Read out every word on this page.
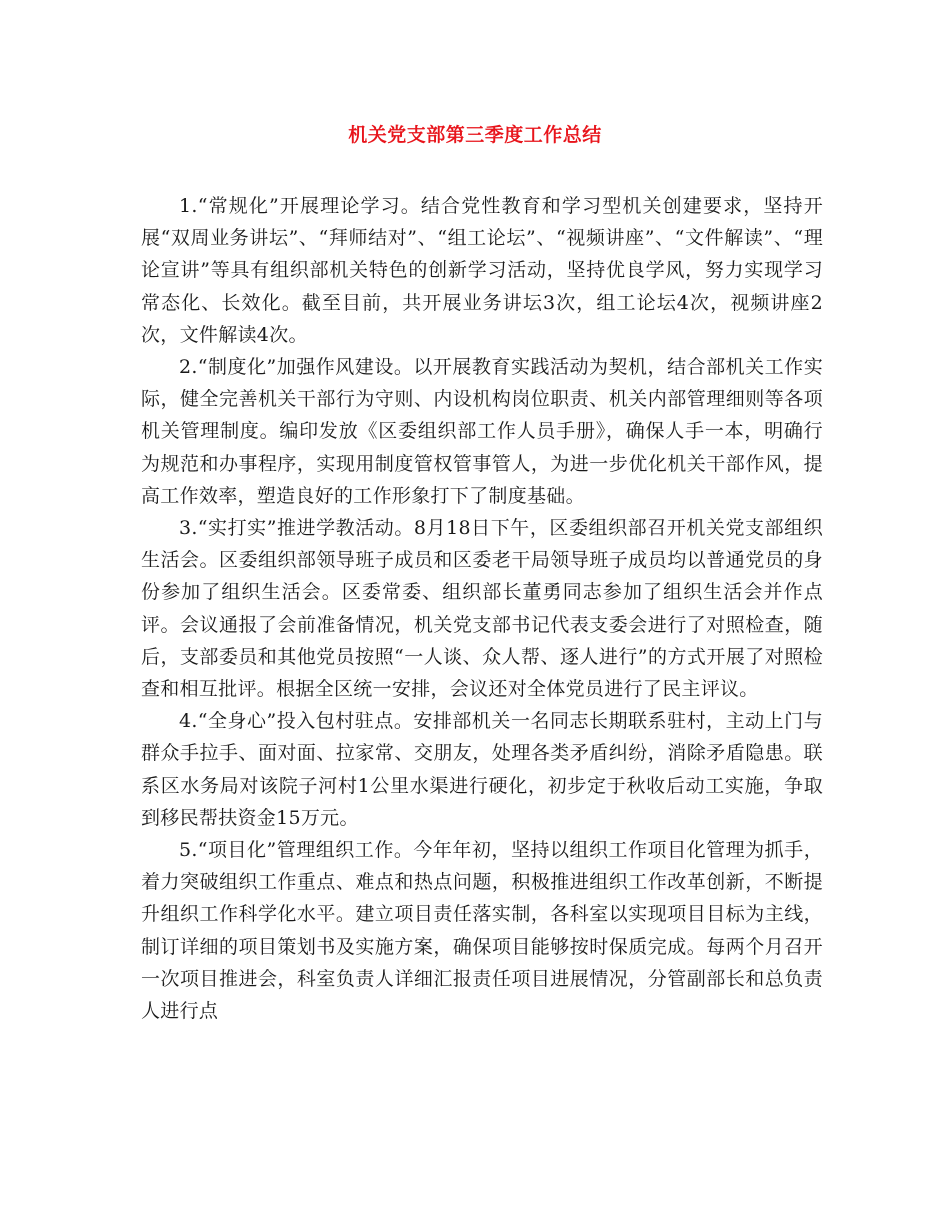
机关党支部第三季度工作总结

1.“常规化”开展理论学习。结合党性教育和学习型机关创建要求，坚持开展“双周业务讲坛”、“拜师结对”、“组工论坛”、“视频讲座”、“文件解读”、“理论宣讲”等具有组织部机关特色的创新学习活动，坚持优良学风，努力实现学习常态化、长效化。截至目前，共开展业务讲坛3次，组工论坛4次，视频讲座2次，文件解读4次。

2.“制度化”加强作风建设。以开展教育实践活动为契机，结合部机关工作实际，健全完善机关干部行为守则、内设机构岗位职责、机关内部管理细则等各项机关管理制度。编印发放《区委组织部工作人员手册》，确保人手一本，明确行为规范和办事程序，实现用制度管权管事管人，为进一步优化机关干部作风，提高工作效率，塑造良好的工作形象打下了制度基础。

3.“实打实”推进学教活动。8月18日下午，区委组织部召开机关党支部组织生活会。区委组织部领导班子成员和区委老干局领导班子成员均以普通党员的身份参加了组织生活会。区委常委、组织部长董勇同志参加了组织生活会并作点评。会议通报了会前准备情况，机关党支部书记代表支委会进行了对照检查，随后，支部委员和其他党员按照“一人谈、众人帮、逐人进行”的方式开展了对照检查和相互批评。根据全区统一安排，会议还对全体党员进行了民主评议。

4.“全身心”投入包村驻点。安排部机关一名同志长期联系驻村，主动上门与群众手拉手、面对面、拉家常、交朋友，处理各类矛盾纠纷，消除矛盾隐患。联系区水务局对该院子河村1公里水渠进行硬化，初步定于秋收后动工实施，争取到移民帮扶资金15万元。

5.“项目化”管理组织工作。今年年初，坚持以组织工作项目化管理为抓手，着力突破组织工作重点、难点和热点问题，积极推进组织工作改革创新，不断提升组织工作科学化水平。建立项目责任落实制，各科室以实现项目目标为主线，制订详细的项目策划书及实施方案，确保项目能够按时保质完成。每两个月召开一次项目推进会，科室负责人详细汇报责任项目进展情况，分管副部长和总负责人进行点
